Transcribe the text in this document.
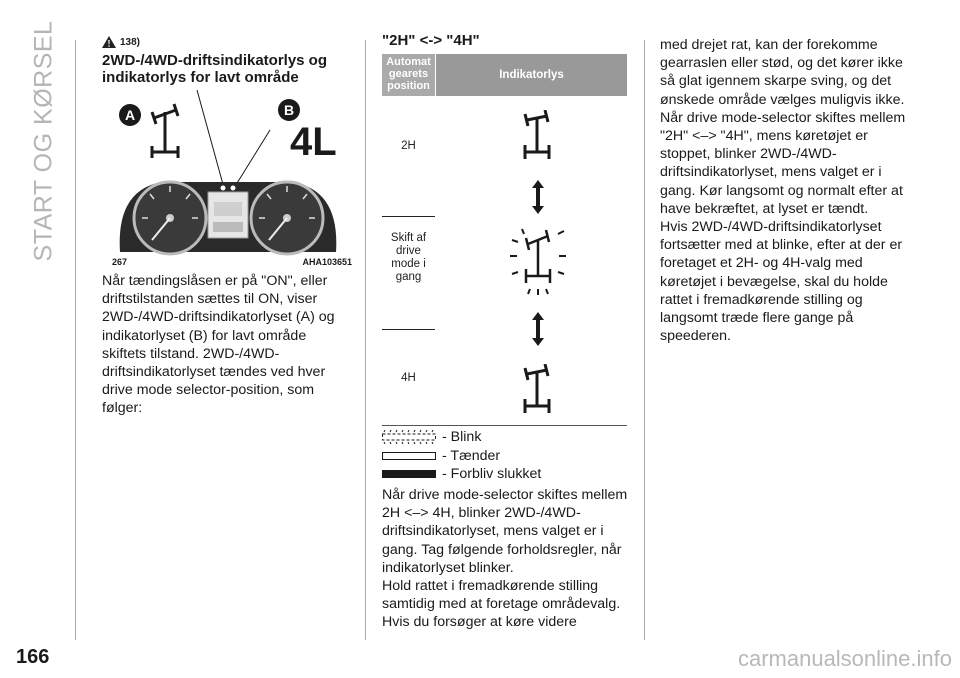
START OG KØRSEL
166	carmanualsonline.info
138)
2WD-/4WD-driftsindikatorlys og indikatorlys for lavt område
A	B
4L
267	AHA103651
Når tændingslåsen er på "ON", eller driftstilstanden sættes til ON, viser 2WD-/4WD-driftsindikatorlyset (A) og indikatorlyset (B) for lavt område skiftets tilstand. 2WD-/4WD-driftsindikatorlyset tændes ved hver drive mode selector-position, som følger:
"2H" <-> "4H"
Automat gearets position
Indikatorlys
2H
Skift af drive mode i gang
4H
- Blink
- Tænder
- Forbliv slukket
Når drive mode-selector skiftes mellem 2H <–> 4H, blinker 2WD-/4WD-driftsindikatorlyset, mens valget er i gang. Tag følgende forholdsregler, når indikatorlyset blinker.
Hold rattet i fremadkørende stilling samtidig med at foretage områdevalg. Hvis du forsøger at køre videre
med drejet rat, kan der forekomme gearraslen eller stød, og det kører ikke så glat igennem skarpe sving, og det ønskede område vælges muligvis ikke.
Når drive mode-selector skiftes mellem "2H" <–> "4H", mens køretøjet er stoppet, blinker 2WD-/4WD-driftsindikatorlyset, mens valget er i gang. Kør langsomt og normalt efter at have bekræftet, at lyset er tændt.
Hvis 2WD-/4WD-driftsindikatorlyset fortsætter med at blinke, efter at der er foretaget et 2H- og 4H-valg med køretøjet i bevægelse, skal du holde rattet i fremadkørende stilling og langsomt træde flere gange på speederen.
